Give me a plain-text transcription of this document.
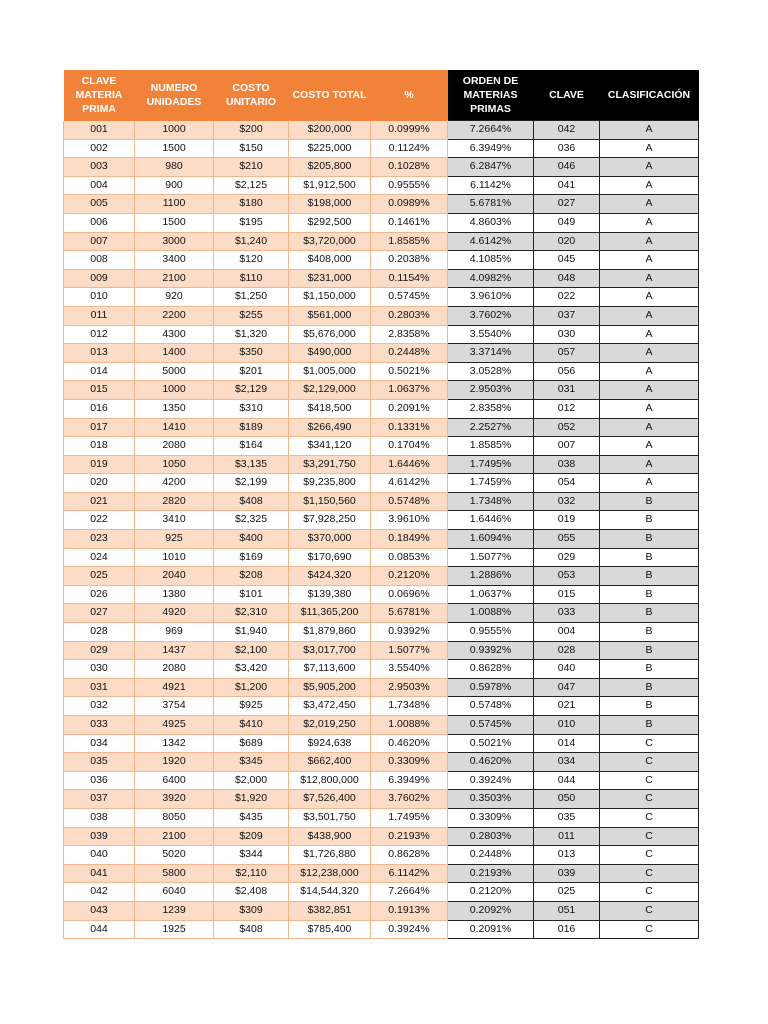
CLAVE MATERIA PRIMA	NUMERO UNIDADES	COSTO UNITARIO	COSTO TOTAL	%	ORDEN DE MATERIAS PRIMAS	CLAVE	CLASIFICACIÓN
001	1000	$200	$200,000	0.0999%	7.2664%	042	A
002	1500	$150	$225,000	0.1124%	6.3949%	036	A
003	980	$210	$205,800	0.1028%	6.2847%	046	A
004	900	$2,125	$1,912,500	0.9555%	6.1142%	041	A
005	1100	$180	$198,000	0.0989%	5.6781%	027	A
006	1500	$195	$292,500	0.1461%	4.8603%	049	A
007	3000	$1,240	$3,720,000	1.8585%	4.6142%	020	A
008	3400	$120	$408,000	0.2038%	4.1085%	045	A
009	2100	$110	$231,000	0.1154%	4.0982%	048	A
010	920	$1,250	$1,150,000	0.5745%	3.9610%	022	A
011	2200	$255	$561,000	0.2803%	3.7602%	037	A
012	4300	$1,320	$5,676,000	2.8358%	3.5540%	030	A
013	1400	$350	$490,000	0.2448%	3.3714%	057	A
014	5000	$201	$1,005,000	0.5021%	3.0528%	056	A
015	1000	$2,129	$2,129,000	1.0637%	2.9503%	031	A
016	1350	$310	$418,500	0.2091%	2.8358%	012	A
017	1410	$189	$266,490	0.1331%	2.2527%	052	A
018	2080	$164	$341,120	0.1704%	1.8585%	007	A
019	1050	$3,135	$3,291,750	1.6446%	1.7495%	038	A
020	4200	$2,199	$9,235,800	4.6142%	1.7459%	054	A
021	2820	$408	$1,150,560	0.5748%	1.7348%	032	B
022	3410	$2,325	$7,928,250	3.9610%	1.6446%	019	B
023	925	$400	$370,000	0.1849%	1.6094%	055	B
024	1010	$169	$170,690	0.0853%	1.5077%	029	B
025	2040	$208	$424,320	0.2120%	1.2886%	053	B
026	1380	$101	$139,380	0.0696%	1.0637%	015	B
027	4920	$2,310	$11,365,200	5.6781%	1.0088%	033	B
028	969	$1,940	$1,879,860	0.9392%	0.9555%	004	B
029	1437	$2,100	$3,017,700	1.5077%	0.9392%	028	B
030	2080	$3,420	$7,113,600	3.5540%	0.8628%	040	B
031	4921	$1,200	$5,905,200	2.9503%	0.5978%	047	B
032	3754	$925	$3,472,450	1.7348%	0.5748%	021	B
033	4925	$410	$2,019,250	1.0088%	0.5745%	010	B
034	1342	$689	$924,638	0.4620%	0.5021%	014	C
035	1920	$345	$662,400	0.3309%	0.4620%	034	C
036	6400	$2,000	$12,800,000	6.3949%	0.3924%	044	C
037	3920	$1,920	$7,526,400	3.7602%	0.3503%	050	C
038	8050	$435	$3,501,750	1.7495%	0.3309%	035	C
039	2100	$209	$438,900	0.2193%	0.2803%	011	C
040	5020	$344	$1,726,880	0.8628%	0.2448%	013	C
041	5800	$2,110	$12,238,000	6.1142%	0.2193%	039	C
042	6040	$2,408	$14,544,320	7.2664%	0.2120%	025	C
043	1239	$309	$382,851	0.1913%	0.2092%	051	C
044	1925	$408	$785,400	0.3924%	0.2091%	016	C
